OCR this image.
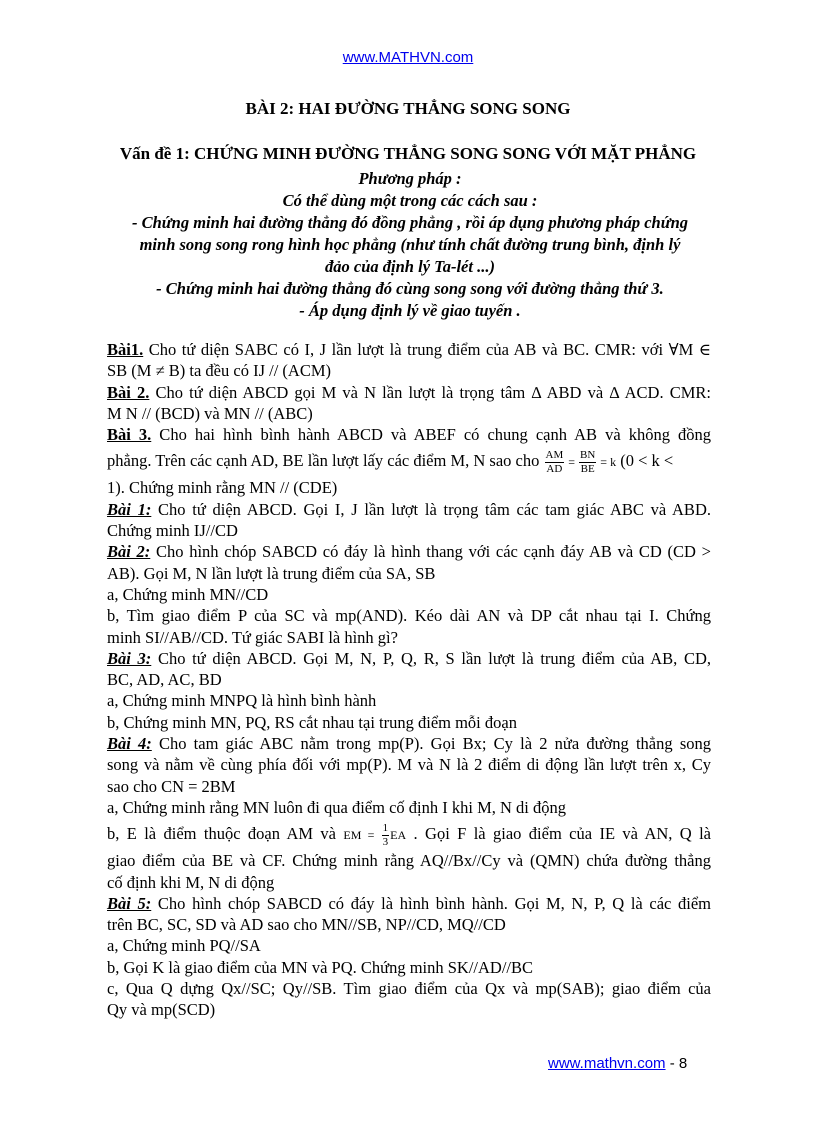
www.MATHVN.com
BÀI 2: HAI ĐƯỜNG THẲNG SONG SONG
Vấn đề 1: CHỨNG MINH ĐƯỜNG THẲNG SONG SONG VỚI MẶT PHẲNG
Phương pháp :
Có thể dùng một trong các cách sau :
- Chứng minh hai đường thẳng đó đồng phẳng , rồi áp dụng phương pháp chứng
minh song song rong hình học phẳng (như tính chất đường trung bình, định lý
đảo của định lý Ta-lét ...)
- Chứng minh hai đường thẳng đó cùng song song với đường thẳng thứ 3.
- Áp dụng định lý về giao tuyến .
Bài1. Cho tứ diện SABC có I, J lần lượt là trung điểm của AB và BC. CMR: với ∀M ∈
SB (M ≠ B) ta đều có IJ // (ACM)
Bài 2. Cho tứ diện ABCD gọi M và N lần lượt là trọng tâm ∆ ABD và ∆ ACD. CMR:
M N // (BCD) và MN // (ABC)
Bài 3. Cho hai hình bình hành ABCD và ABEF có chung cạnh AB và không đồng
phẳng. Trên các cạnh AD, BE lần lượt lấy các điểm M, N sao cho $\frac{AM}{AD} = \frac{BN}{BE} = k$ (0 < k <
1). Chứng minh rằng MN // (CDE)
Bài 1: Cho tứ diện ABCD. Gọi I, J lần lượt là trọng tâm các tam giác ABC và ABD.
Chứng minh IJ//CD
Bài 2: Cho hình chóp SABCD có đáy là hình thang với các cạnh đáy AB và CD (CD >
AB). Gọi M, N lần lượt là trung điểm của SA, SB
a, Chứng minh MN//CD
b, Tìm giao điểm P của SC và mp(AND). Kéo dài AN và DP cắt nhau tại I. Chứng
minh SI//AB//CD. Tứ giác SABI là hình gì?
Bài 3: Cho tứ diện ABCD. Gọi M, N, P, Q, R, S lần lượt là trung điểm của AB, CD,
BC, AD, AC, BD
a, Chứng minh MNPQ là hình bình hành
b, Chứng minh MN, PQ, RS cắt nhau tại trung điểm mỗi đoạn
Bài 4: Cho tam giác ABC nằm trong mp(P). Gọi Bx; Cy là 2 nửa đường thẳng song
song và nằm về cùng phía đối với mp(P). M và N là 2 điểm di động lần lượt trên x, Cy
sao cho CN = 2BM
a, Chứng minh rằng MN luôn đi qua điểm cố định I khi M, N di động
b, E là điểm thuộc đoạn AM và EM = $\frac{1}{3}$ EA . Gọi F là giao điểm của IE và AN, Q là
giao điểm của BE và CF. Chứng minh rằng AQ//Bx//Cy và (QMN) chứa đường thẳng
cố định khi M, N di động
Bài 5: Cho hình chóp SABCD có đáy là hình bình hành. Gọi M, N, P, Q là các điểm
trên BC, SC, SD và AD sao cho MN//SB, NP//CD, MQ//CD
a, Chứng minh PQ//SA
b, Gọi K là giao điểm của MN và PQ. Chứng minh SK//AD//BC
c, Qua Q dựng Qx//SC; Qy//SB. Tìm giao điểm của Qx và mp(SAB); giao điểm của
Qy và mp(SCD)
www.mathvn.com - 8
